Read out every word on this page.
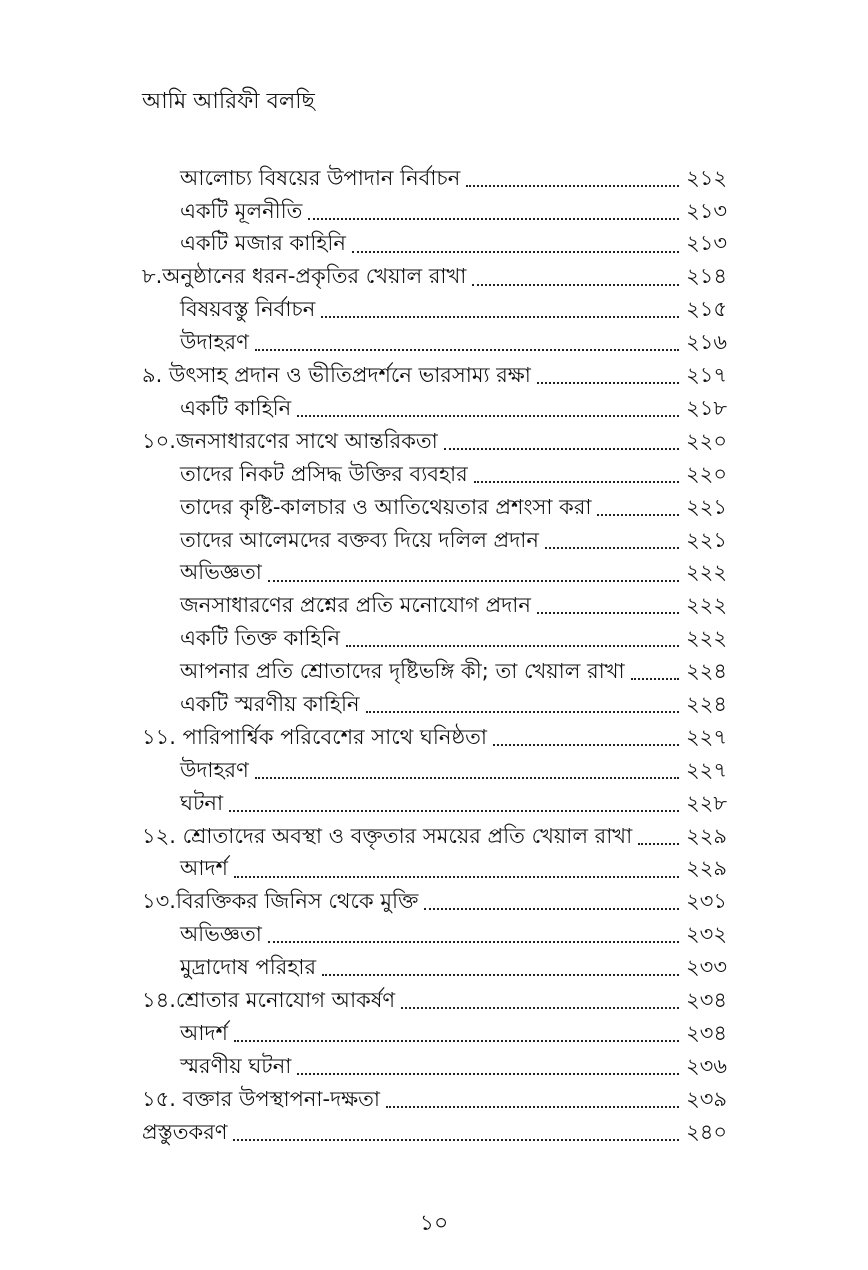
আমি আরিফী বলছি
আলোচ্য বিষয়ের উপাদান নির্বাচন	২১২
একটি মূলনীতি	২১৩
একটি মজার কাহিনি	২১৩
৮.অনুষ্ঠানের ধরন-প্রকৃতির খেয়াল রাখা	২১৪
বিষয়বস্তু নির্বাচন	২১৫
উদাহরণ	২১৬
৯. উৎসাহ প্রদান ও ভীতিপ্রদর্শনে ভারসাম্য রক্ষা	২১৭
একটি কাহিনি	২১৮
১০.জনসাধারণের সাথে আন্তরিকতা	২২০
তাদের নিকট প্রসিদ্ধ উক্তির ব্যবহার	২২০
তাদের কৃষ্টি-কালচার ও আতিথেয়তার প্রশংসা করা	২২১
তাদের আলেমদের বক্তব্য দিয়ে দলিল প্রদান	২২১
অভিজ্ঞতা	২২২
জনসাধারণের প্রশ্নের প্রতি মনোযোগ প্রদান	২২২
একটি তিক্ত কাহিনি	২২২
আপনার প্রতি শ্রোতাদের দৃষ্টিভঙ্গি কী; তা খেয়াল রাখা	২২৪
একটি স্মরণীয় কাহিনি	২২৪
১১. পারিপার্শ্বিক পরিবেশের সাথে ঘনিষ্ঠতা	২২৭
উদাহরণ	২২৭
ঘটনা	২২৮
১২. শ্রোতাদের অবস্থা ও বক্তৃতার সময়ের প্রতি খেয়াল রাখা	২২৯
আদর্শ	২২৯
১৩.বিরক্তিকর জিনিস থেকে মুক্তি	২৩১
অভিজ্ঞতা	২৩২
মুদ্রাদোষ পরিহার	২৩৩
১৪.শ্রোতার মনোযোগ আকর্ষণ	২৩৪
আদর্শ	২৩৪
স্মরণীয় ঘটনা	২৩৬
১৫. বক্তার উপস্থাপনা-দক্ষতা	২৩৯
প্রস্তুতকরণ	২৪০
১০
